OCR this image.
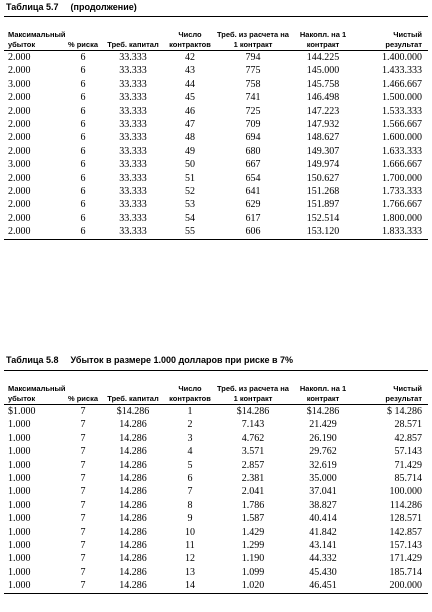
Таблица 5.7 (продолжение)
Максимальный убыток	% риска	Треб. капитал	Число контрактов	Треб. из расчета на 1 контракт	Накопл. на 1 контракт	Чистый результат
2.000	6	33.333	42	794	144.225	1.400.000
2.000	6	33.333	43	775	145.000	1.433.333
3.000	6	33.333	44	758	145.758	1.466.667
2.000	6	33.333	45	741	146.498	1.500.000
2.000	6	33.333	46	725	147.223	1.533.333
2.000	6	33.333	47	709	147.932	1.566.667
2.000	6	33.333	48	694	148.627	1.600.000
2.000	6	33.333	49	680	149.307	1.633.333
3.000	6	33.333	50	667	149.974	1.666.667
2.000	6	33.333	51	654	150.627	1.700.000
2.000	6	33.333	52	641	151.268	1.733.333
2.000	6	33.333	53	629	151.897	1.766.667
2.000	6	33.333	54	617	152.514	1.800.000
2.000	6	33.333	55	606	153.120	1.833.333
Таблица 5.8 Убыток в размере 1.000 долларов при риске в 7%
Максимальный убыток	% риска	Треб. капитал	Число контрактов	Треб. из расчета на 1 контракт	Накопл. на 1 контракт	Чистый результат
$1.000	7	$14.286	1	$14.286	$14.286	$ 14.286
1.000	7	14.286	2	7.143	21.429	28.571
1.000	7	14.286	3	4.762	26.190	42.857
1.000	7	14.286	4	3.571	29.762	57.143
1.000	7	14.286	5	2.857	32.619	71.429
1.000	7	14.286	6	2.381	35.000	85.714
1.000	7	14.286	7	2.041	37.041	100.000
1.000	7	14.286	8	1.786	38.827	114.286
1.000	7	14.286	9	1.587	40.414	128.571
1.000	7	14.286	10	1.429	41.842	142.857
1.000	7	14.286	11	1.299	43.141	157.143
1.000	7	14.286	12	1.190	44.332	171.429
1.000	7	14.286	13	1.099	45.430	185.714
1.000	7	14.286	14	1.020	46.451	200.000
